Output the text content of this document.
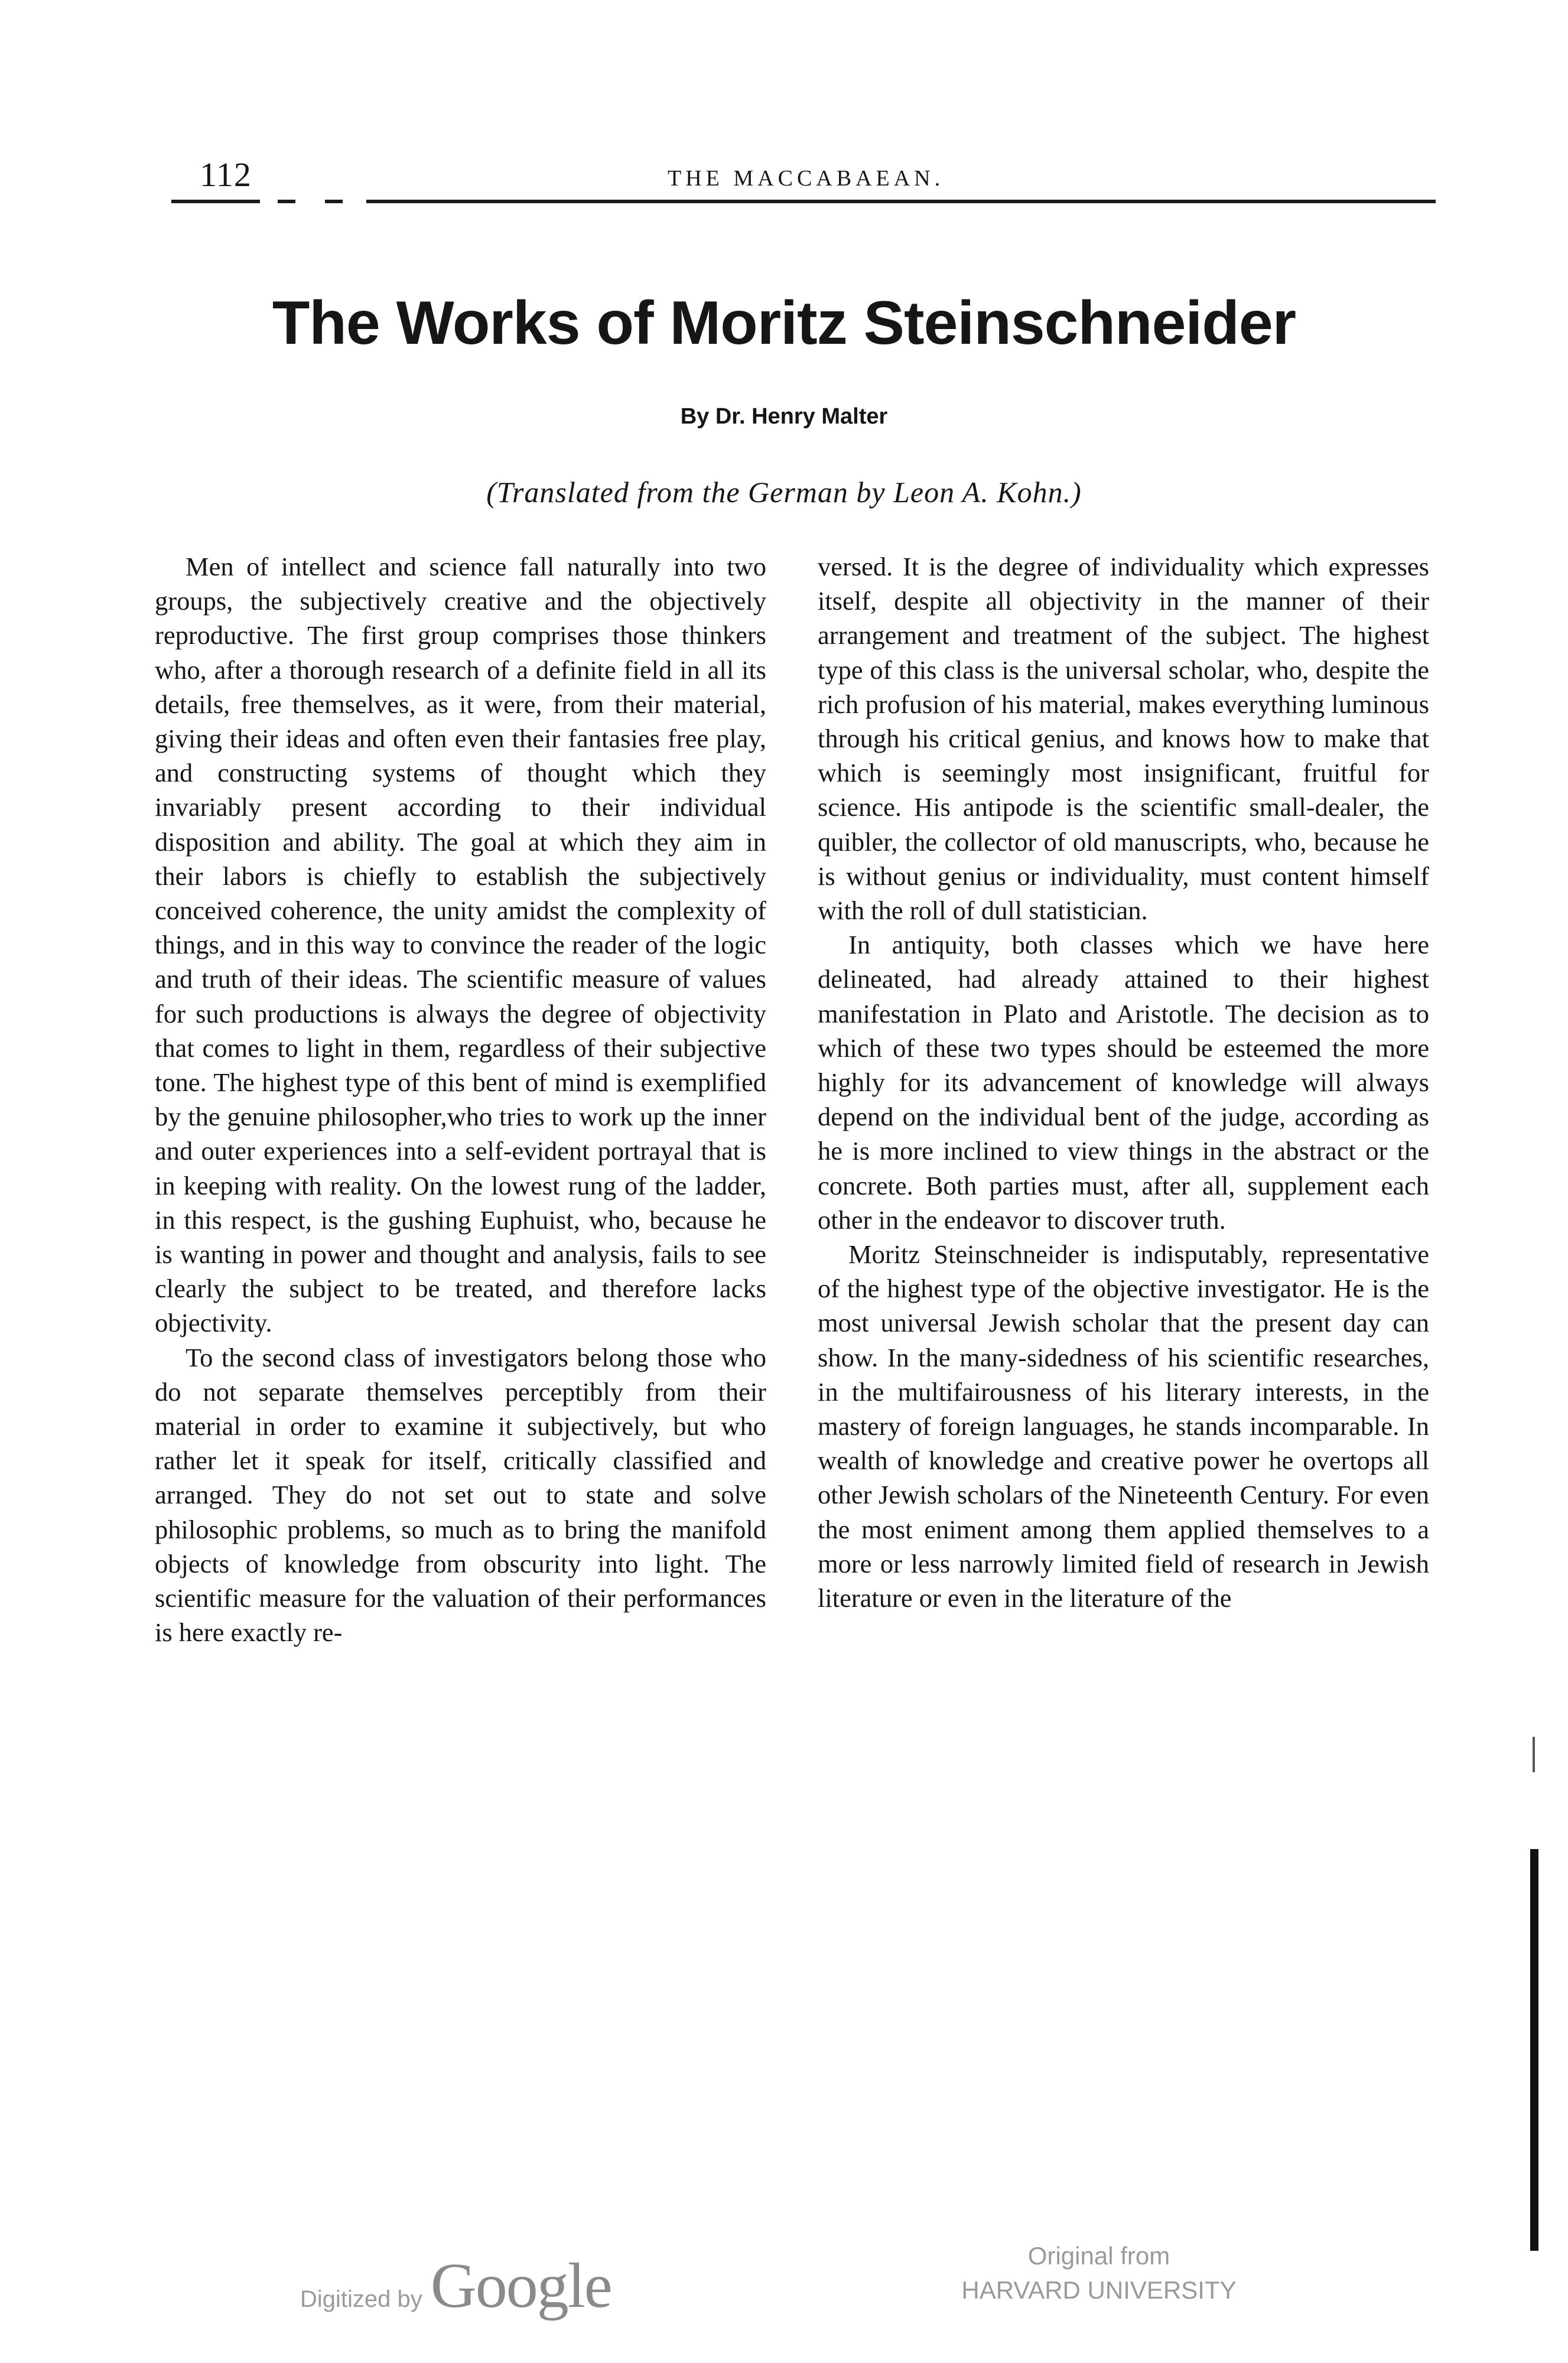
112	THE MACCABAEAN.
The Works of Moritz Steinschneider
By Dr. Henry Malter
(Translated from the German by Leon A. Kohn.)

Men of intellect and science fall naturally into two groups, the subjectively creative and the objectively reproductive. The first group comprises those thinkers who, after a thorough research of a definite field in all its details, free themselves, as it were, from their material, giving their ideas and often even their fantasies free play, and constructing systems of thought which they invariably present according to their individual disposition and ability. The goal at which they aim in their labors is chiefly to establish the subjectively conceived coherence, the unity amidst the complexity of things, and in this way to convince the reader of the logic and truth of their ideas. The scientific measure of values for such productions is always the degree of objectivity that comes to light in them, regardless of their subjective tone. The highest type of this bent of mind is exemplified by the genuine philosopher,who tries to work up the inner and outer experiences into a self-evident portrayal that is in keeping with reality. On the lowest rung of the ladder, in this respect, is the gushing Euphuist, who, because he is wanting in power and thought and analysis, fails to see clearly the subject to be treated, and therefore lacks objectivity.

To the second class of investigators belong those who do not separate themselves perceptibly from their material in order to examine it subjectively, but who rather let it speak for itself, critically classified and arranged. They do not set out to state and solve philosophic problems, so much as to bring the manifold objects of knowledge from obscurity into light. The scientific measure for the valuation of their performances is here exactly re-

versed. It is the degree of individuality which expresses itself, despite all objectivity in the manner of their arrangement and treatment of the subject. The highest type of this class is the universal scholar, who, despite the rich profusion of his material, makes everything luminous through his critical genius, and knows how to make that which is seemingly most insignificant, fruitful for science. His antipode is the scientific small-dealer, the quibler, the collector of old manuscripts, who, because he is without genius or individuality, must content himself with the roll of dull statistician.

In antiquity, both classes which we have here delineated, had already attained to their highest manifestation in Plato and Aristotle. The decision as to which of these two types should be esteemed the more highly for its advancement of knowledge will always depend on the individual bent of the judge, according as he is more inclined to view things in the abstract or the concrete. Both parties must, after all, supplement each other in the endeavor to discover truth.

Moritz Steinschneider is indisputably, representative of the highest type of the objective investigator. He is the most universal Jewish scholar that the present day can show. In the many-sidedness of his scientific researches, in the multifairousness of his literary interests, in the mastery of foreign languages, he stands incomparable. In wealth of knowledge and creative power he overtops all other Jewish scholars of the Nineteenth Century. For even the most eniment among them applied themselves to a more or less narrowly limited field of research in Jewish literature or even in the literature of the

Digitized by Google	Original from
HARVARD UNIVERSITY
